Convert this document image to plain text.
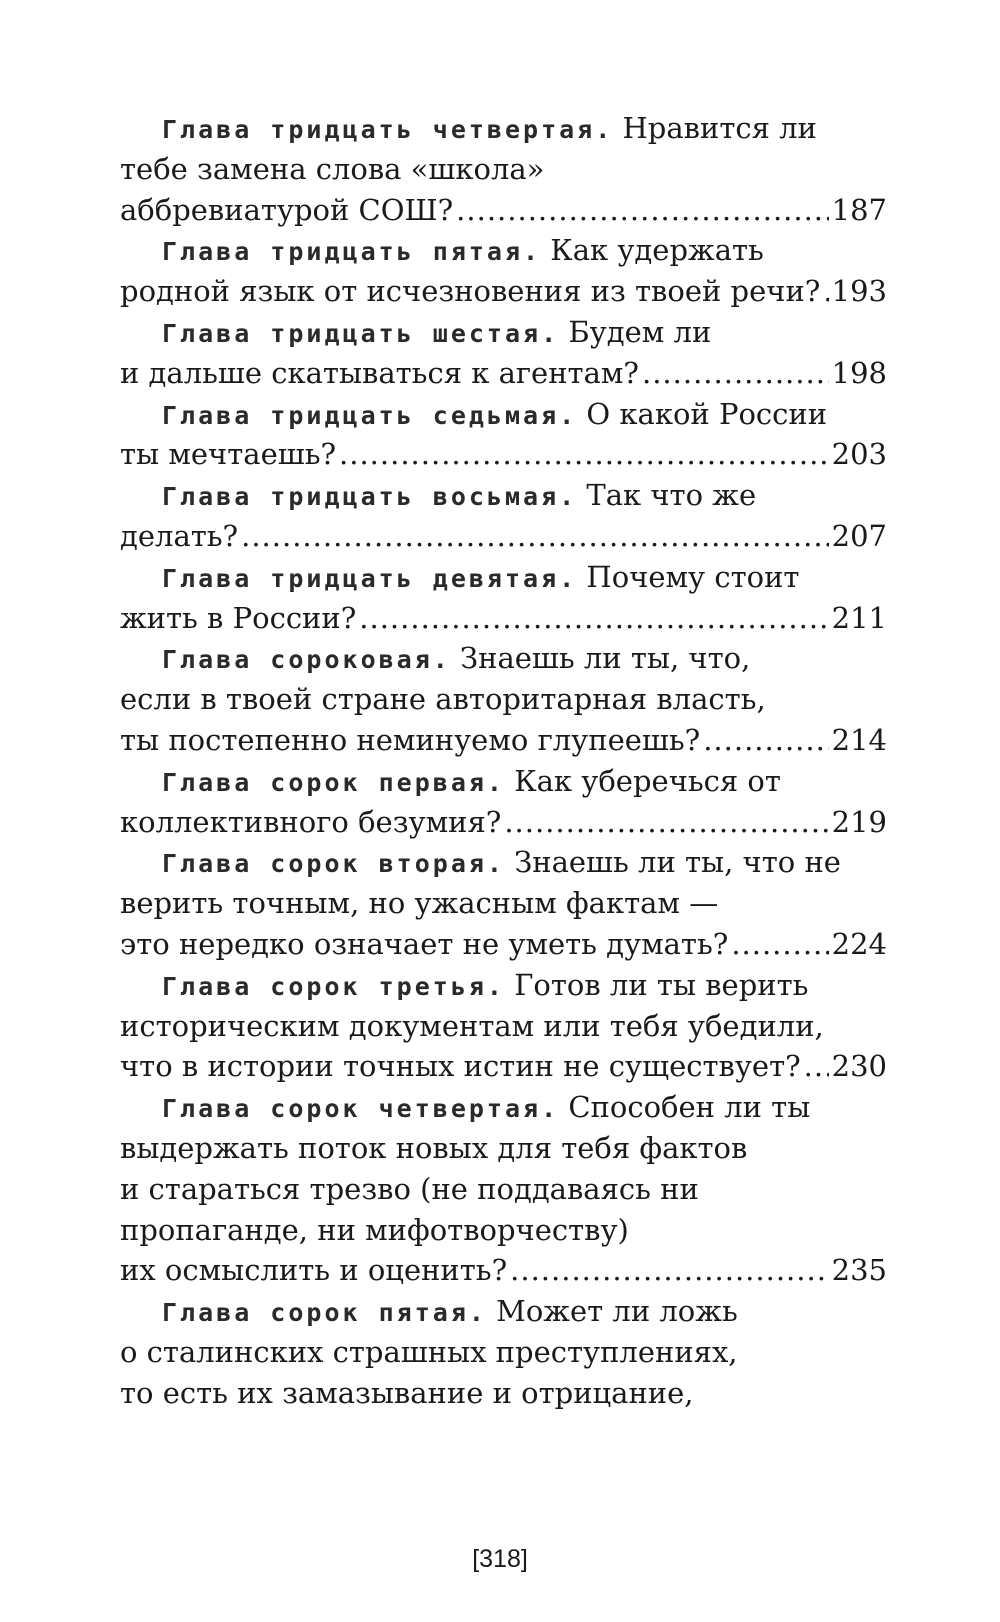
Глава тридцать четвертая. Нравится ли
тебе замена слова «школа»
аббревиатурой СОШ? .....	187
Глава тридцать пятая. Как удержать
родной язык от исчезновения из твоей речи? ..... 193
Глава тридцать шестая. Будем ли
и дальше скатываться к агентам? .....	198
Глава тридцать седьмая. О какой России
ты мечтаешь? .....	203
Глава тридцать восьмая. Так что же
делать? .....	207
Глава тридцать девятая. Почему стоит
жить в России? .....	211
Глава сороковая. Знаешь ли ты, что,
если в твоей стране авторитарная власть,
ты постепенно неминуемо глупеешь? .....	214
Глава сорок первая. Как уберечься от
коллективного безумия? .....	219
Глава сорок вторая. Знаешь ли ты, что не
верить точным, но ужасным фактам —
это нередко означает не уметь думать? .....	224
Глава сорок третья. Готов ли ты верить
историческим документам или тебя убедили,
что в истории точных истин не существует? ..... 230
Глава сорок четвертая. Способен ли ты
выдержать поток новых для тебя фактов
и стараться трезво (не поддаваясь ни
пропаганде, ни мифотворчеству)
их осмыслить и оценить? .....	235
Глава сорок пятая. Может ли ложь
о сталинских страшных преступлениях,
то есть их замазывание и отрицание,
[318]
